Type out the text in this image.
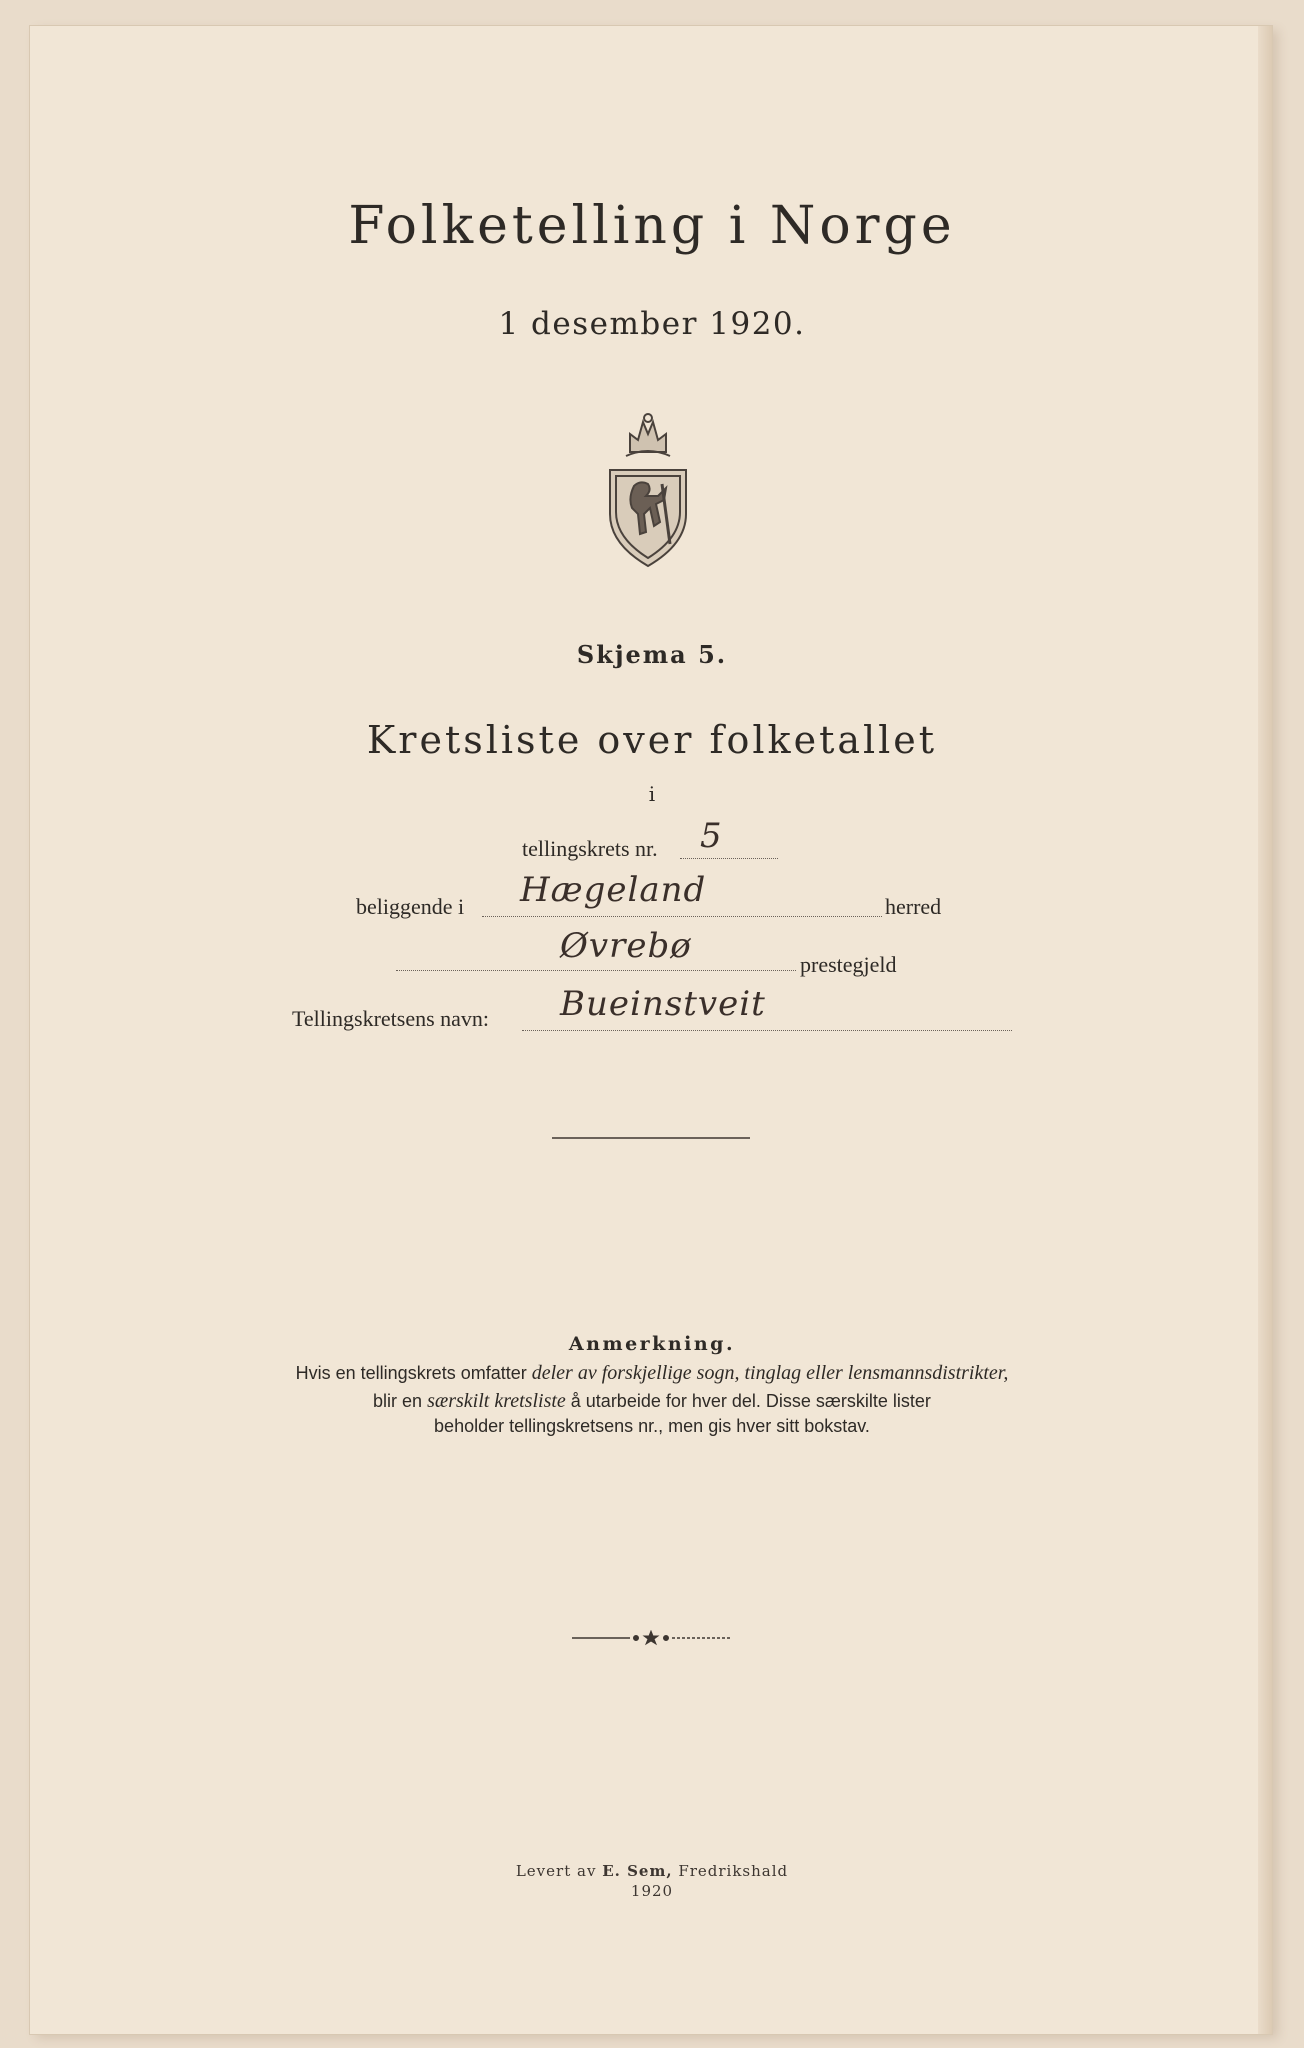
Folketelling i Norge
1 desember 1920.
Skjema 5.
Kretsliste over folketallet
i
tellingskrets nr. 5
beliggende i Hægeland	herred
Øvrebø	prestegjeld
Tellingskretsens navn: Bueinstveit
Anmerkning.
Hvis en tellingskrets omfatter deler av forskjellige sogn, tinglag eller lensmannsdistrikter,
blir en særskilt kretsliste å utarbeide for hver del. Disse særskilte lister
beholder tellingskretsens nr., men gis hver sitt bokstav.
Levert av E. Sem, Fredrikshald
1920
